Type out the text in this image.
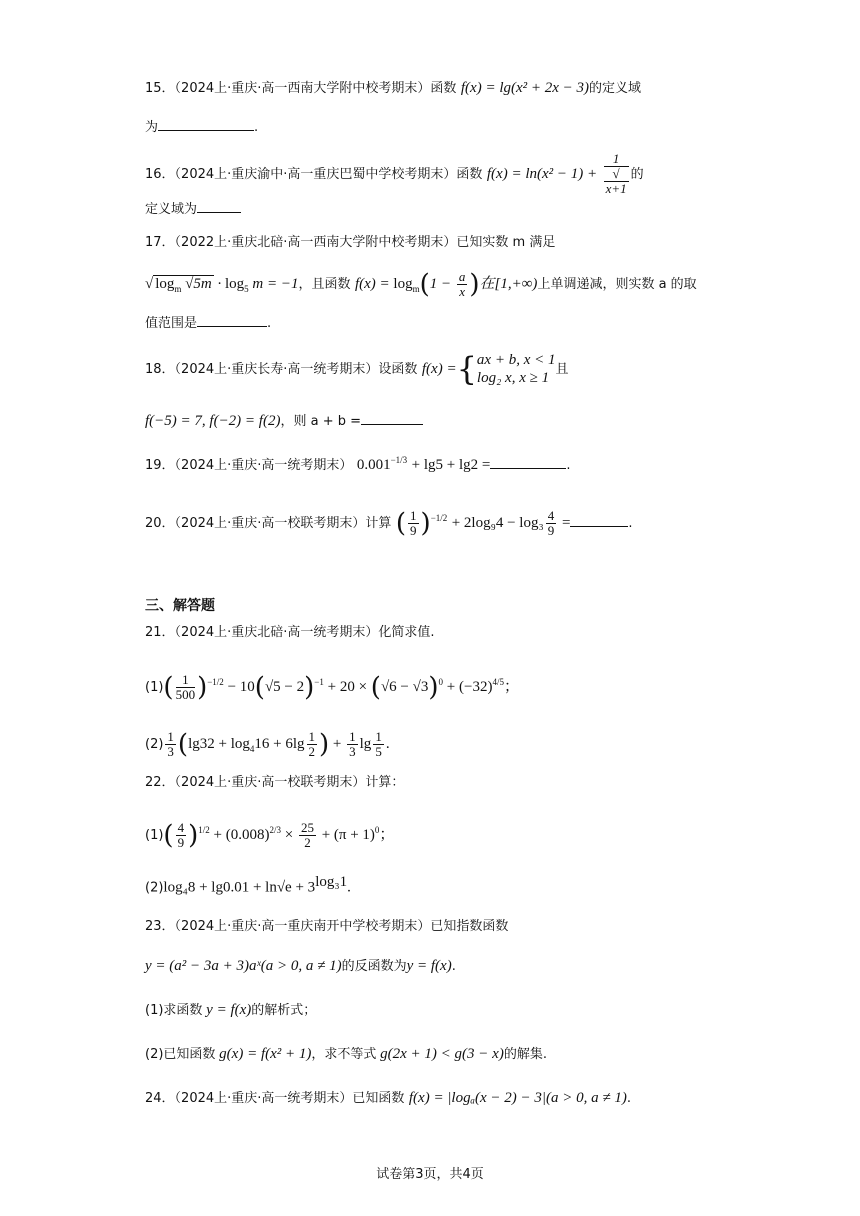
15．（2024上·重庆·高一西南大学附中校考期末）函数 f(x) = lg(x² + 2x − 3)的定义域
为	.
16．（2024上·重庆渝中·高一重庆巴蜀中学校考期末）函数 f(x) = ln(x² − 1) + 1
√
x+1 的
定义域为
17．（2022上·重庆北碚·高一西南大学附中校考期末）已知实数 m 满足
√ $\log_m √5m \cdot \log_5 m = -1$，且函数 $f(x) = \log_m(1 - \frac{a}{x}$ )在[1,+∞)上单调递减，则实数 a 的取
值范围是	.
18．（2024上·重庆长寿·高一统考期末）设函数 f(x) ={ ax + b, x < 1
log₂ x, x ≥ 1
且
f(−5) = 7, f(−2) = f(2)，则 a + b =
19．（2024上·重庆·高一统考期末） $0.001^{-1/3} + \lg 5 + \lg 2$ =	.
20．（2024上·重庆·高一校联考期末）计算 ( $\frac{1}{9} )^{-1/2} + 2\log_94 - \log_3 \frac{4}{9}$ =	.
三、解答题
21．（2024上·重庆北碚·高一统考期末）化简求值.
$(1)( \frac{1}{500} )^{-1/2} - 10(√5 - 2)^{-1} + 20 \times (√6 - √3)^0 + (-32)^{4/5}$；
$(2) \frac{1}{3} (\lg 32 + \log_416 + 6\lg \frac{1}{2}$ ) + $\frac{1}{3}$ $\lg \frac{1}{5}$ .
22．（2024上·重庆·高一校联考期末）计算：
$(1)( \frac{4}{9} )^{1/2} + (0.008)^{2/3} \times \frac{25}{2} + (\pi + 1)^0$；
$(2)\log_48 + \lg 0.01 + \ln√e + 3^{log_31}$.
23．（2024上·重庆·高一重庆南开中学校考期末）已知指数函数
y = (a² − 3a + 3)aˣ(a > 0, a ≠ 1)的反函数为y = f(x).
(1)求函数 y = f(x)的解析式；
(2)已知函数 g(x) = f(x² + 1)，求不等式 g(2x + 1) < g(3 − x)的解集.
24．（2024上·重庆·高一统考期末）已知函数 f(x) = |logₐ(x − 2) − 3|(a > 0, a ≠ 1).
试卷第3页，共4页
